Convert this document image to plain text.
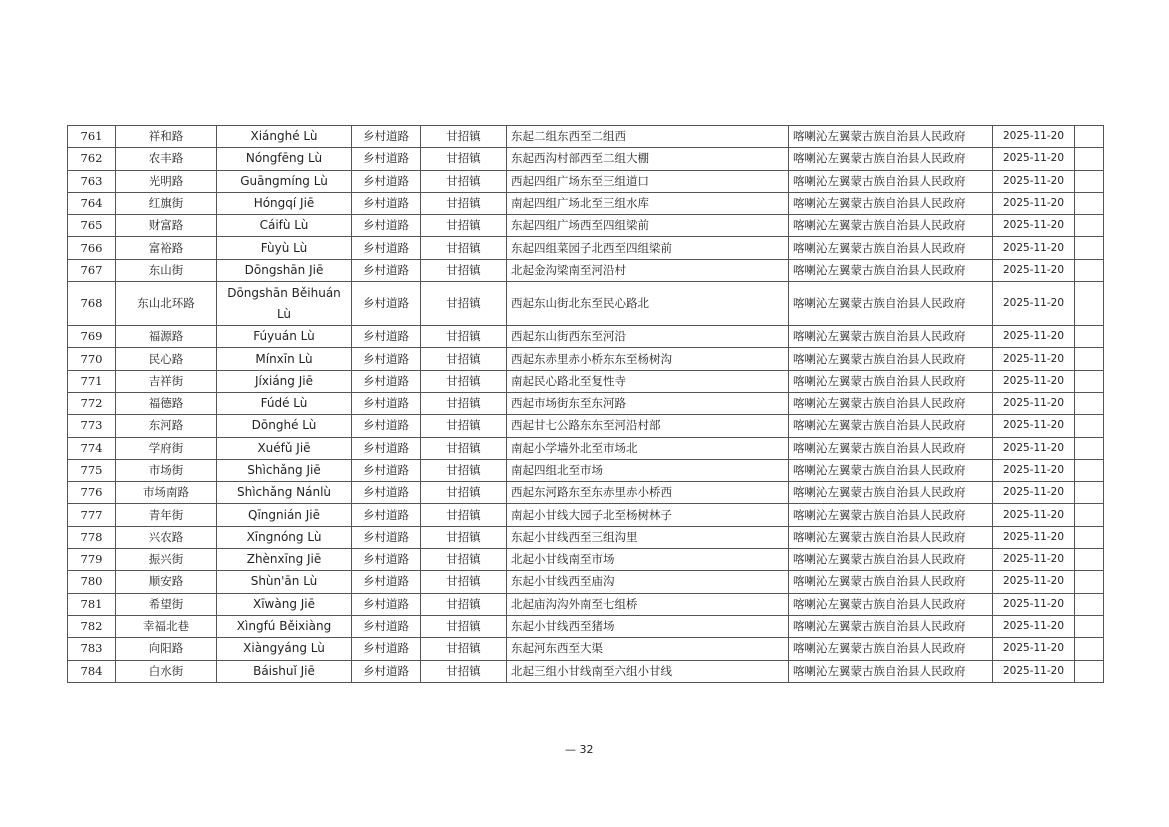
761	祥和路	Xiánghé Lù	乡村道路	甘招镇	东起二组东西至二组西	喀喇沁左翼蒙古族自治县人民政府	2025-11-20	
762	农丰路	Nóngfēng Lù	乡村道路	甘招镇	东起西沟村部西至二组大棚	喀喇沁左翼蒙古族自治县人民政府	2025-11-20	
763	光明路	Guāngmíng Lù	乡村道路	甘招镇	西起四组广场东至三组道口	喀喇沁左翼蒙古族自治县人民政府	2025-11-20	
764	红旗街	Hóngqí Jiē	乡村道路	甘招镇	南起四组广场北至三组水库	喀喇沁左翼蒙古族自治县人民政府	2025-11-20	
765	财富路	Cáifù Lù	乡村道路	甘招镇	东起四组广场西至四组梁前	喀喇沁左翼蒙古族自治县人民政府	2025-11-20	
766	富裕路	Fùyù Lù	乡村道路	甘招镇	东起四组菜园子北西至四组梁前	喀喇沁左翼蒙古族自治县人民政府	2025-11-20	
767	东山街	Dōngshān Jiē	乡村道路	甘招镇	北起金沟梁南至河沿村	喀喇沁左翼蒙古族自治县人民政府	2025-11-20	
768	东山北环路	Dōngshān Běihuán Lù	乡村道路	甘招镇	西起东山街北东至民心路北	喀喇沁左翼蒙古族自治县人民政府	2025-11-20	
769	福源路	Fúyuán Lù	乡村道路	甘招镇	西起东山街西东至河沿	喀喇沁左翼蒙古族自治县人民政府	2025-11-20	
770	民心路	Mínxīn Lù	乡村道路	甘招镇	西起东赤里赤小桥东东至杨树沟	喀喇沁左翼蒙古族自治县人民政府	2025-11-20	
771	吉祥街	Jíxiáng Jiē	乡村道路	甘招镇	南起民心路北至复性寺	喀喇沁左翼蒙古族自治县人民政府	2025-11-20	
772	福德路	Fúdé Lù	乡村道路	甘招镇	西起市场街东至东河路	喀喇沁左翼蒙古族自治县人民政府	2025-11-20	
773	东河路	Dōnghé Lù	乡村道路	甘招镇	西起甘七公路东东至河沿村部	喀喇沁左翼蒙古族自治县人民政府	2025-11-20	
774	学府街	Xuéfǔ Jiē	乡村道路	甘招镇	南起小学墙外北至市场北	喀喇沁左翼蒙古族自治县人民政府	2025-11-20	
775	市场街	Shìchǎng Jiē	乡村道路	甘招镇	南起四组北至市场	喀喇沁左翼蒙古族自治县人民政府	2025-11-20	
776	市场南路	Shìchǎng Nánlù	乡村道路	甘招镇	西起东河路东至东赤里赤小桥西	喀喇沁左翼蒙古族自治县人民政府	2025-11-20	
777	青年街	Qīngnián Jiē	乡村道路	甘招镇	南起小甘线大园子北至杨树林子	喀喇沁左翼蒙古族自治县人民政府	2025-11-20	
778	兴农路	Xīngnóng Lù	乡村道路	甘招镇	东起小甘线西至三组沟里	喀喇沁左翼蒙古族自治县人民政府	2025-11-20	
779	振兴街	Zhènxīng Jiē	乡村道路	甘招镇	北起小甘线南至市场	喀喇沁左翼蒙古族自治县人民政府	2025-11-20	
780	顺安路	Shùn'ān Lù	乡村道路	甘招镇	东起小甘线西至庙沟	喀喇沁左翼蒙古族自治县人民政府	2025-11-20	
781	希望街	Xīwàng Jiē	乡村道路	甘招镇	北起庙沟沟外南至七组桥	喀喇沁左翼蒙古族自治县人民政府	2025-11-20	
782	幸福北巷	Xìngfú Běixiàng	乡村道路	甘招镇	东起小甘线西至猪场	喀喇沁左翼蒙古族自治县人民政府	2025-11-20	
783	向阳路	Xiàngyáng Lù	乡村道路	甘招镇	东起河东西至大渠	喀喇沁左翼蒙古族自治县人民政府	2025-11-20	
784	白水街	Báishuǐ Jiē	乡村道路	甘招镇	北起三组小甘线南至六组小甘线	喀喇沁左翼蒙古族自治县人民政府	2025-11-20	
— 32
